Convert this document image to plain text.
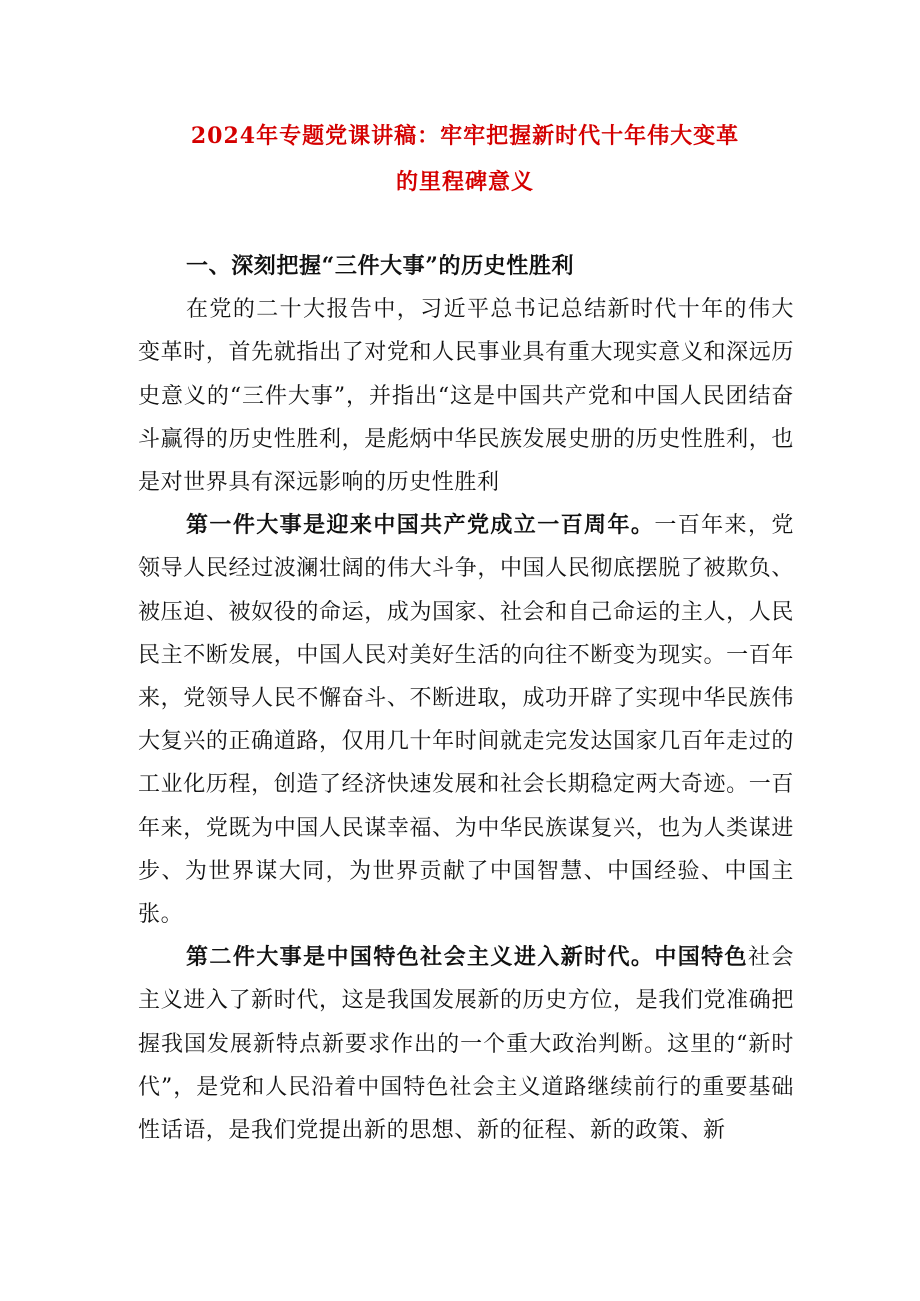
2024年专题党课讲稿：牢牢把握新时代十年伟大变革
的里程碑意义

一、深刻把握“三件大事”的历史性胜利

在党的二十大报告中，习近平总书记总结新时代十年的伟大变革时，首先就指出了对党和人民事业具有重大现实意义和深远历史意义的“三件大事”，并指出“这是中国共产党和中国人民团结奋斗赢得的历史性胜利，是彪炳中华民族发展史册的历史性胜利，也是对世界具有深远影响的历史性胜利

第一件大事是迎来中国共产党成立一百周年。一百年来，党领导人民经过波澜壮阔的伟大斗争，中国人民彻底摆脱了被欺负、被压迫、被奴役的命运，成为国家、社会和自己命运的主人，人民民主不断发展，中国人民对美好生活的向往不断变为现实。一百年来，党领导人民不懈奋斗、不断进取，成功开辟了实现中华民族伟大复兴的正确道路，仅用几十年时间就走完发达国家几百年走过的工业化历程，创造了经济快速发展和社会长期稳定两大奇迹。一百年来，党既为中国人民谋幸福、为中华民族谋复兴，也为人类谋进步、为世界谋大同，为世界贡献了中国智慧、中国经验、中国主张。

第二件大事是中国特色社会主义进入新时代。中国特色社会主义进入了新时代，这是我国发展新的历史方位，是我们党准确把握我国发展新特点新要求作出的一个重大政治判断。这里的“新时代”，是党和人民沿着中国特色社会主义道路继续前行的重要基础性话语，是我们党提出新的思想、新的征程、新的政策、新
